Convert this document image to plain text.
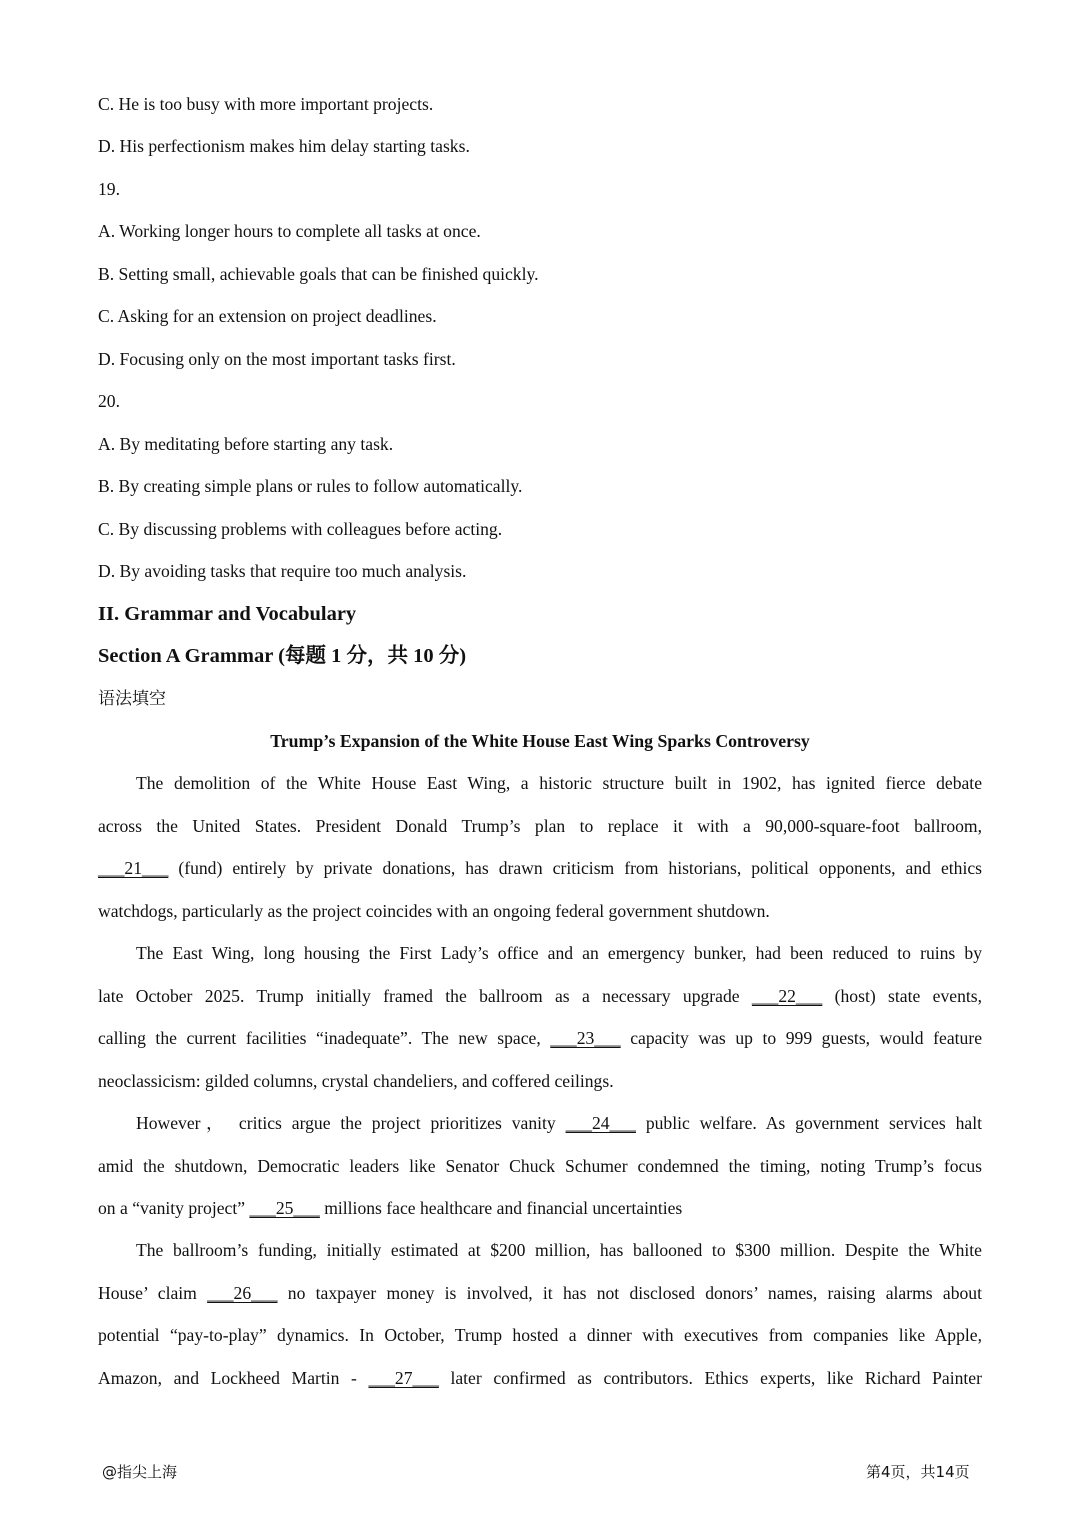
C. He is too busy with more important projects.
D. His perfectionism makes him delay starting tasks.
19.
A. Working longer hours to complete all tasks at once.
B. Setting small, achievable goals that can be finished quickly.
C. Asking for an extension on project deadlines.
D. Focusing only on the most important tasks first.
20.
A. By meditating before starting any task.
B. By creating simple plans or rules to follow automatically.
C. By discussing problems with colleagues before acting.
D. By avoiding tasks that require too much analysis.
II. Grammar and Vocabulary
Section A Grammar (每题 1 分，共 10 分)
语法填空
Trump’s Expansion of the White House East Wing Sparks Controversy
The demolition of the White House East Wing, a historic structure built in 1902, has ignited fierce debate
across the United States. President Donald Trump’s plan to replace it with a 90,000-square-foot ballroom,
___21___ (fund) entirely by private donations, has drawn criticism from historians, political opponents, and ethics
watchdogs, particularly as the project coincides with an ongoing federal government shutdown.
The East Wing, long housing the First Lady’s office and an emergency bunker, had been reduced to ruins by
late October 2025. Trump initially framed the ballroom as a necessary upgrade ___22___ (host) state events,
calling the current facilities “inadequate”. The new space, ___23___ capacity was up to 999 guests, would feature
neoclassicism: gilded columns, crystal chandeliers, and coffered ceilings.
However， critics argue the project prioritizes vanity ___24___ public welfare. As government services halt
amid the shutdown, Democratic leaders like Senator Chuck Schumer condemned the timing, noting Trump’s focus
on a “vanity project” ___25___ millions face healthcare and financial uncertainties
The ballroom’s funding, initially estimated at $200 million, has ballooned to $300 million. Despite the White
House’ claim ___26___ no taxpayer money is involved, it has not disclosed donors’ names, raising alarms about
potential “pay-to-play” dynamics. In October, Trump hosted a dinner with executives from companies like Apple,
Amazon, and Lockheed Martin - ___27___ later confirmed as contributors. Ethics experts, like Richard Painter
@指尖上海	第4页，共14页
